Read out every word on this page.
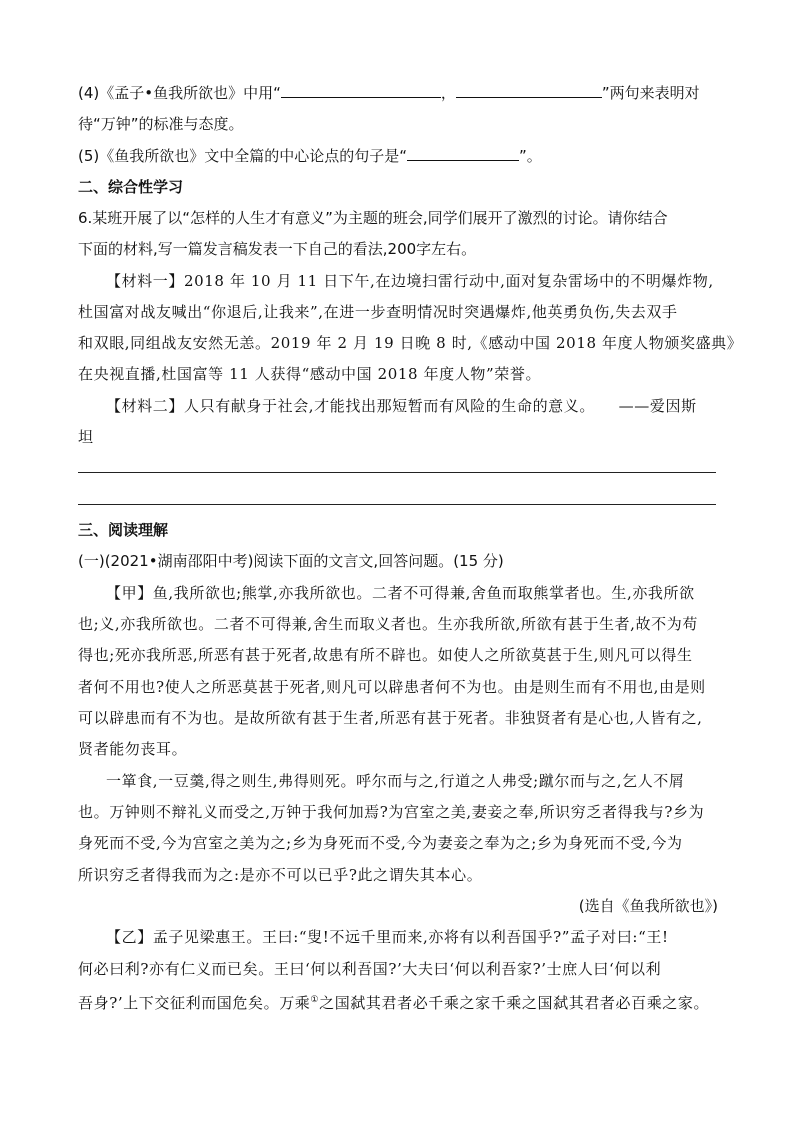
(4)《孟子•鱼我所欲也》中用“	，	”两句来表明对
待“万钟”的标准与态度。
(5)《鱼我所欲也》文中全篇的中心论点的句子是“	”。
二、综合性学习
6.某班开展了以“怎样的人生才有意义”为主题的班会,同学们展开了激烈的讨论。请你结合
下面的材料,写一篇发言稿发表一下自己的看法,200字左右。
【材料一】2018 年 10 月 11 日下午,在边境扫雷行动中,面对复杂雷场中的不明爆炸物,
杜国富对战友喊出“你退后,让我来”,在进一步查明情况时突遇爆炸,他英勇负伤,失去双手
和双眼,同组战友安然无恙。2019 年 2 月 19 日晚 8 时,《感动中国 2018 年度人物颁奖盛典》
在央视直播,杜国富等 11 人获得“感动中国 2018 年度人物”荣誉。
【材料二】人只有献身于社会,才能找出那短暂而有风险的生命的意义。　　——爱因斯
坦
三、阅读理解
(一)(2021•湖南邵阳中考)阅读下面的文言文,回答问题。(15 分)
【甲】鱼,我所欲也;熊掌,亦我所欲也。二者不可得兼,舍鱼而取熊掌者也。生,亦我所欲
也;义,亦我所欲也。二者不可得兼,舍生而取义者也。生亦我所欲,所欲有甚于生者,故不为苟
得也;死亦我所恶,所恶有甚于死者,故患有所不辟也。如使人之所欲莫甚于生,则凡可以得生
者何不用也?使人之所恶莫甚于死者,则凡可以辟患者何不为也。由是则生而有不用也,由是则
可以辟患而有不为也。是故所欲有甚于生者,所恶有甚于死者。非独贤者有是心也,人皆有之,
贤者能勿丧耳。
一箪食,一豆羹,得之则生,弗得则死。呼尔而与之,行道之人弗受;蹴尔而与之,乞人不屑
也。万钟则不辩礼义而受之,万钟于我何加焉?为宫室之美,妻妾之奉,所识穷乏者得我与?乡为
身死而不受,今为宫室之美为之;乡为身死而不受,今为妻妾之奉为之;乡为身死而不受,今为
所识穷乏者得我而为之:是亦不可以已乎?此之谓失其本心。
(选自《鱼我所欲也》)
【乙】孟子见梁惠王。王曰:“叟!不远千里而来,亦将有以利吾国乎?”孟子对曰:“王!
何必曰利?亦有仁义而已矣。王曰‘何以利吾国?’大夫曰‘何以利吾家?’士庶人曰‘何以利
吾身?’上下交征利而国危矣。万乘①之国弑其君者必千乘之家千乘之国弑其君者必百乘之家。
